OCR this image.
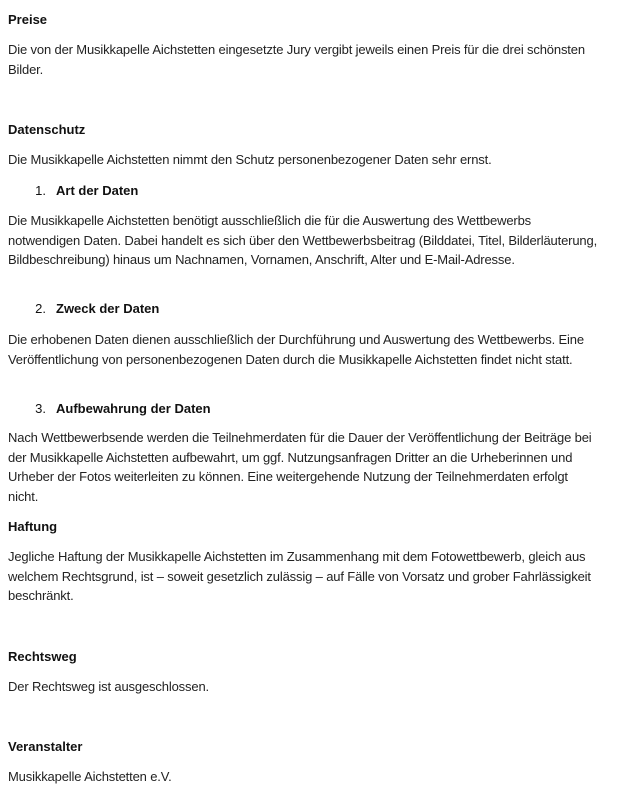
Preise

Die von der Musikkapelle Aichstetten eingesetzte Jury vergibt jeweils einen Preis für die drei schönsten Bilder.

Datenschutz

Die Musikkapelle Aichstetten nimmt den Schutz personenbezogener Daten sehr ernst.

1. Art der Daten

Die Musikkapelle Aichstetten benötigt ausschließlich die für die Auswertung des Wettbewerbs notwendigen Daten. Dabei handelt es sich über den Wettbewerbsbeitrag (Bilddatei, Titel, Bilderläuterung, Bildbeschreibung) hinaus um Nachnamen, Vornamen, Anschrift, Alter und E-Mail-Adresse.

2. Zweck der Daten

Die erhobenen Daten dienen ausschließlich der Durchführung und Auswertung des Wettbewerbs. Eine Veröffentlichung von personenbezogenen Daten durch die Musikkapelle Aichstetten findet nicht statt.

3. Aufbewahrung der Daten

Nach Wettbewerbsende werden die Teilnehmerdaten für die Dauer der Veröffentlichung der Beiträge bei der Musikkapelle Aichstetten aufbewahrt, um ggf. Nutzungsanfragen Dritter an die Urheberinnen und Urheber der Fotos weiterleiten zu können. Eine weitergehende Nutzung der Teilnehmerdaten erfolgt nicht.

Haftung

Jegliche Haftung der Musikkapelle Aichstetten im Zusammenhang mit dem Fotowettbewerb, gleich aus welchem Rechtsgrund, ist – soweit gesetzlich zulässig – auf Fälle von Vorsatz und grober Fahrlässigkeit beschränkt.

Rechtsweg

Der Rechtsweg ist ausgeschlossen.

Veranstalter

Musikkapelle Aichstetten e.V.
